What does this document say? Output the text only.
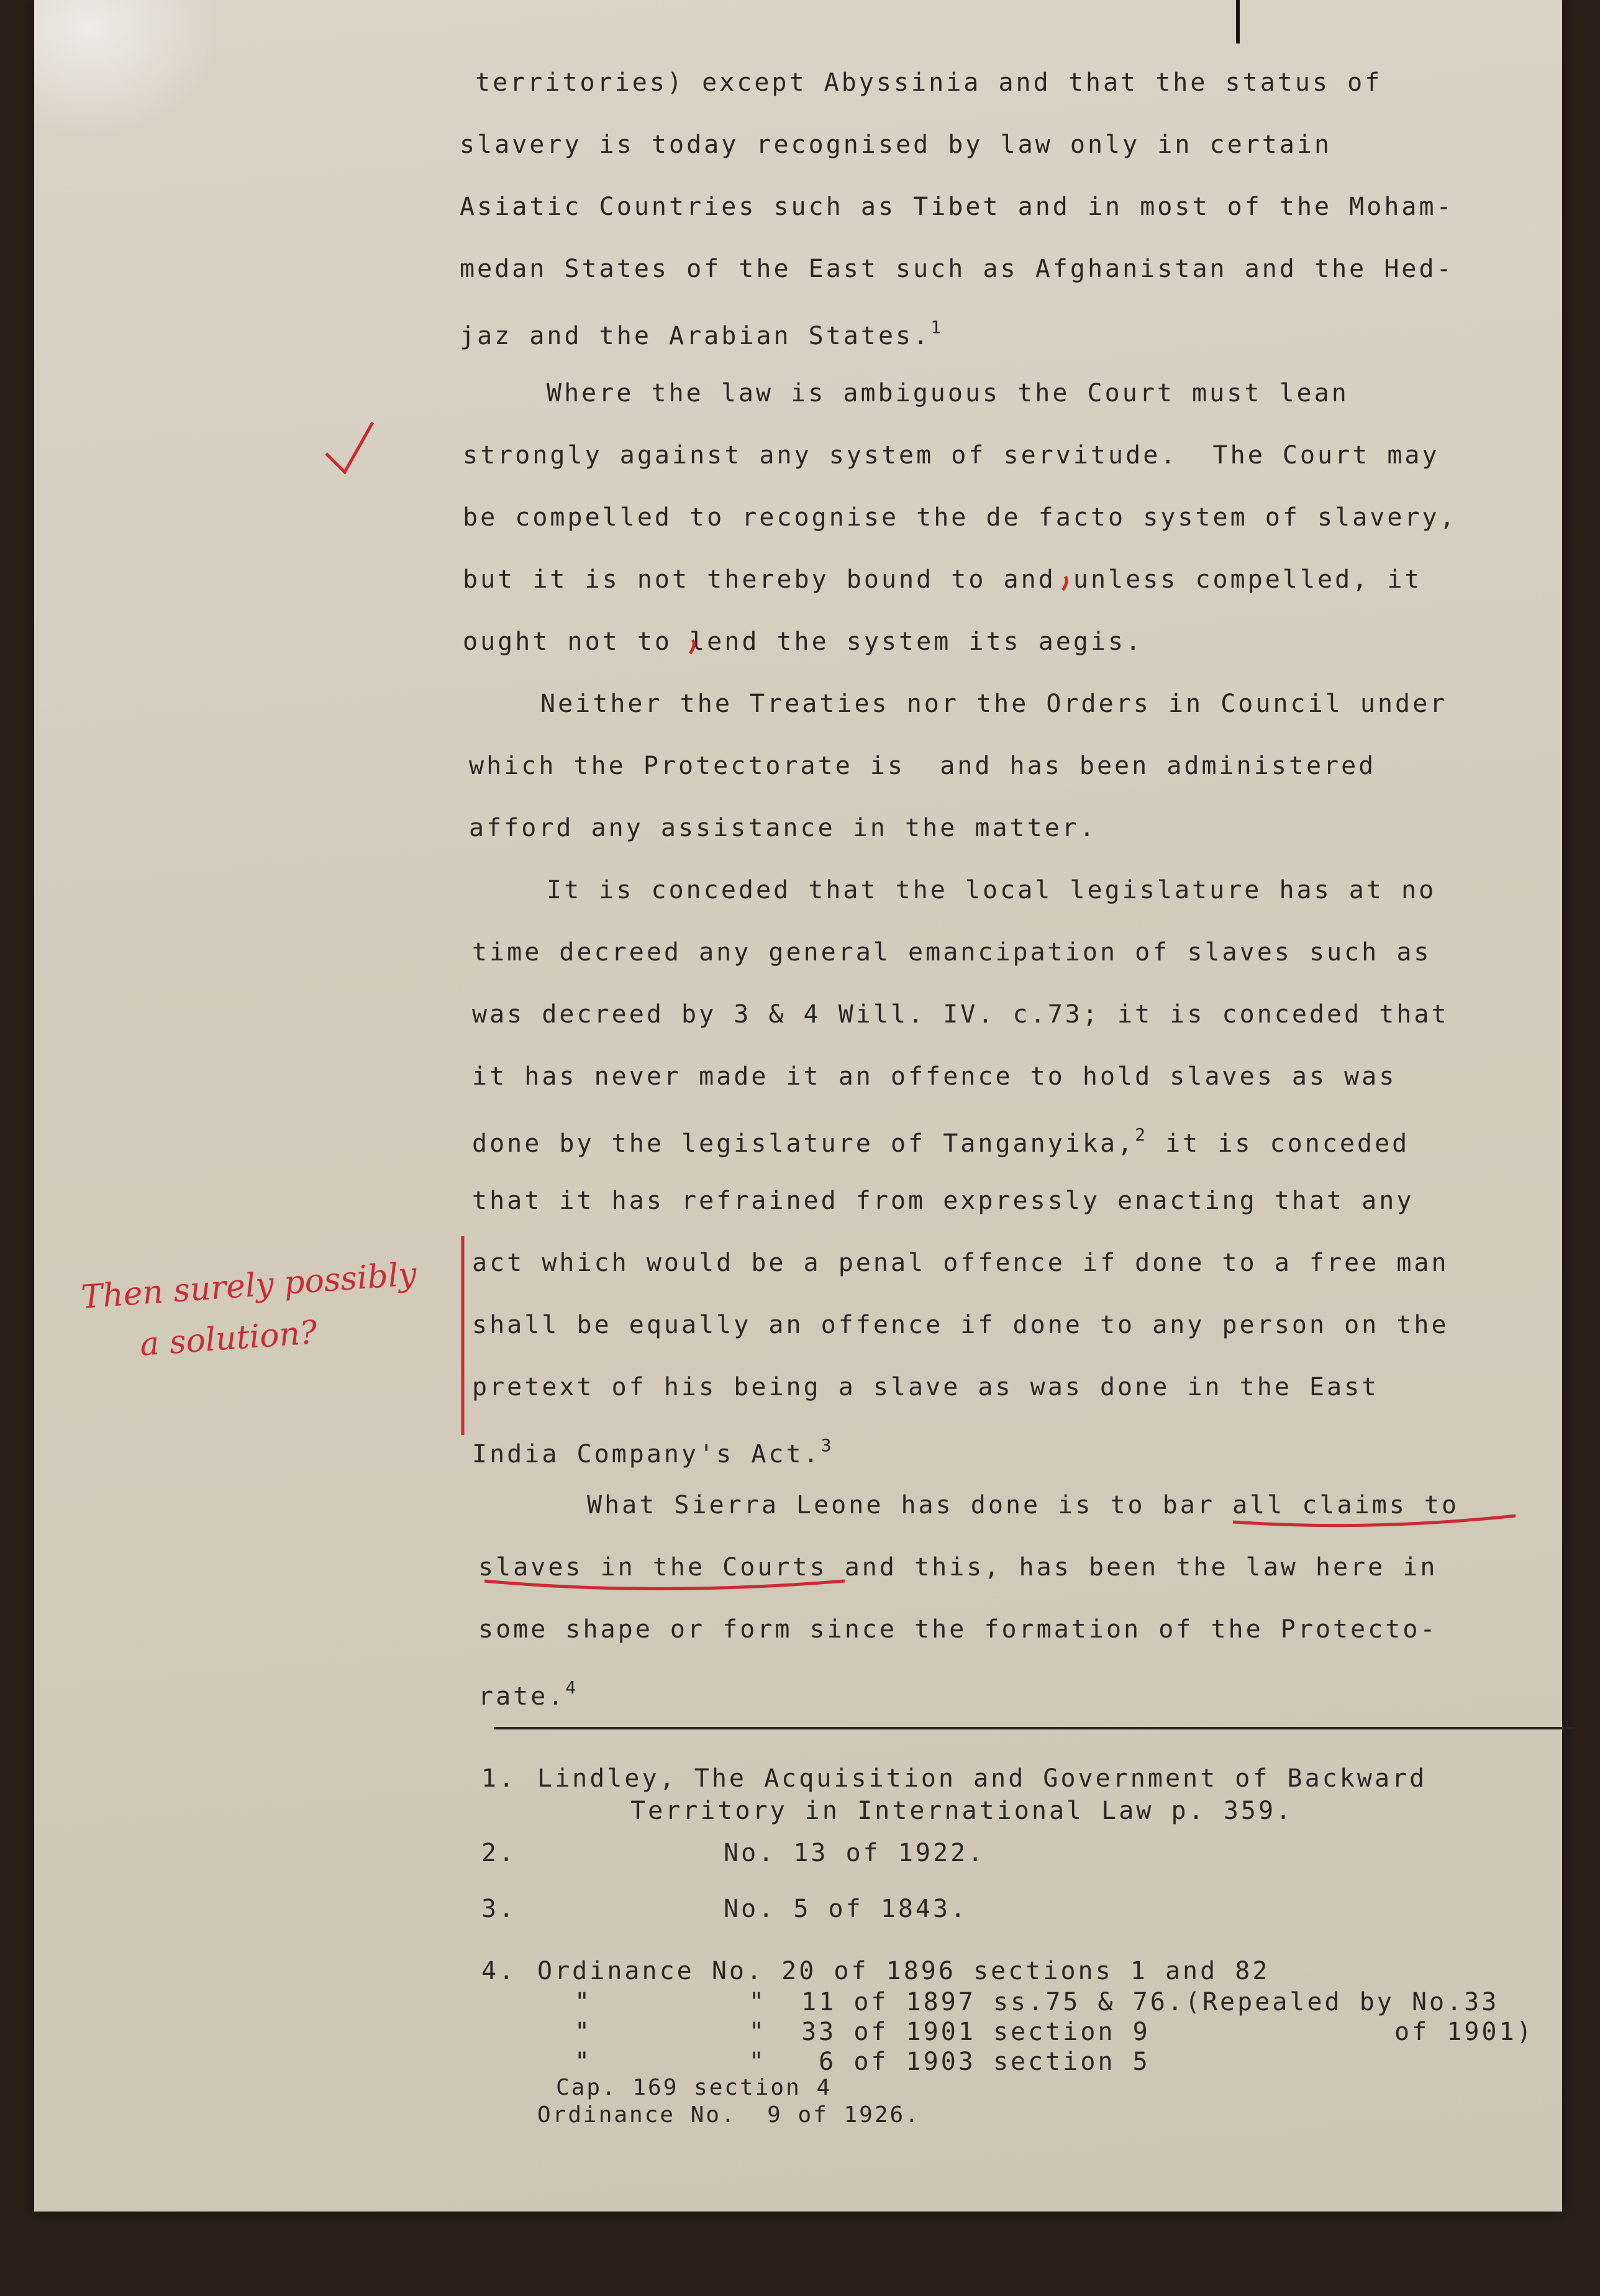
territories) except Abyssinia and that the status of
slavery is today recognised by law only in certain
Asiatic Countries such as Tibet and in most of the Moham-
medan States of the East such as Afghanistan and the Hed-
jaz and the Arabian States.$^1$
Where the law is ambiguous the Court must lean
strongly against any system of servitude.  The Court may
be compelled to recognise the de facto system of slavery,
but it is not thereby bound to and unless compelled, it
ought not to lend the system its aegis.
Neither the Treaties nor the Orders in Council under
which the Protectorate is  and has been administered
afford any assistance in the matter.
It is conceded that the local legislature has at no
time decreed any general emancipation of slaves such as
was decreed by 3 & 4 Will. IV. c.73; it is conceded that
it has never made it an offence to hold slaves as was
done by the legislature of Tanganyika,$^2$ it is conceded
that it has refrained from expressly enacting that any
act which would be a penal offence if done to a free man
shall be equally an offence if done to any person on the
pretext of his being a slave as was done in the East
India Company's Act.$^3$
What Sierra Leone has done is to bar all claims to
slaves in the Courts and this, has been the law here in
some shape or form since the formation of the Protecto-
rate.$^4$
1. Lindley, The Acquisition and Government of Backward
Territory in International Law p. 359.
2.	No. 13 of 1922.
3.	No. 5 of 1843.
4. Ordinance No. 20 of 1896 sections 1 and 82
"         "  11 of 1897 ss.75 & 76.(Repealed by No.33
of 1901)
"         "  33 of 1901 section 9
"         "   6 of 1903 section 5
Cap. 169 section 4
Ordinance No.  9 of 1926.
Then surely possibly
a solution?
